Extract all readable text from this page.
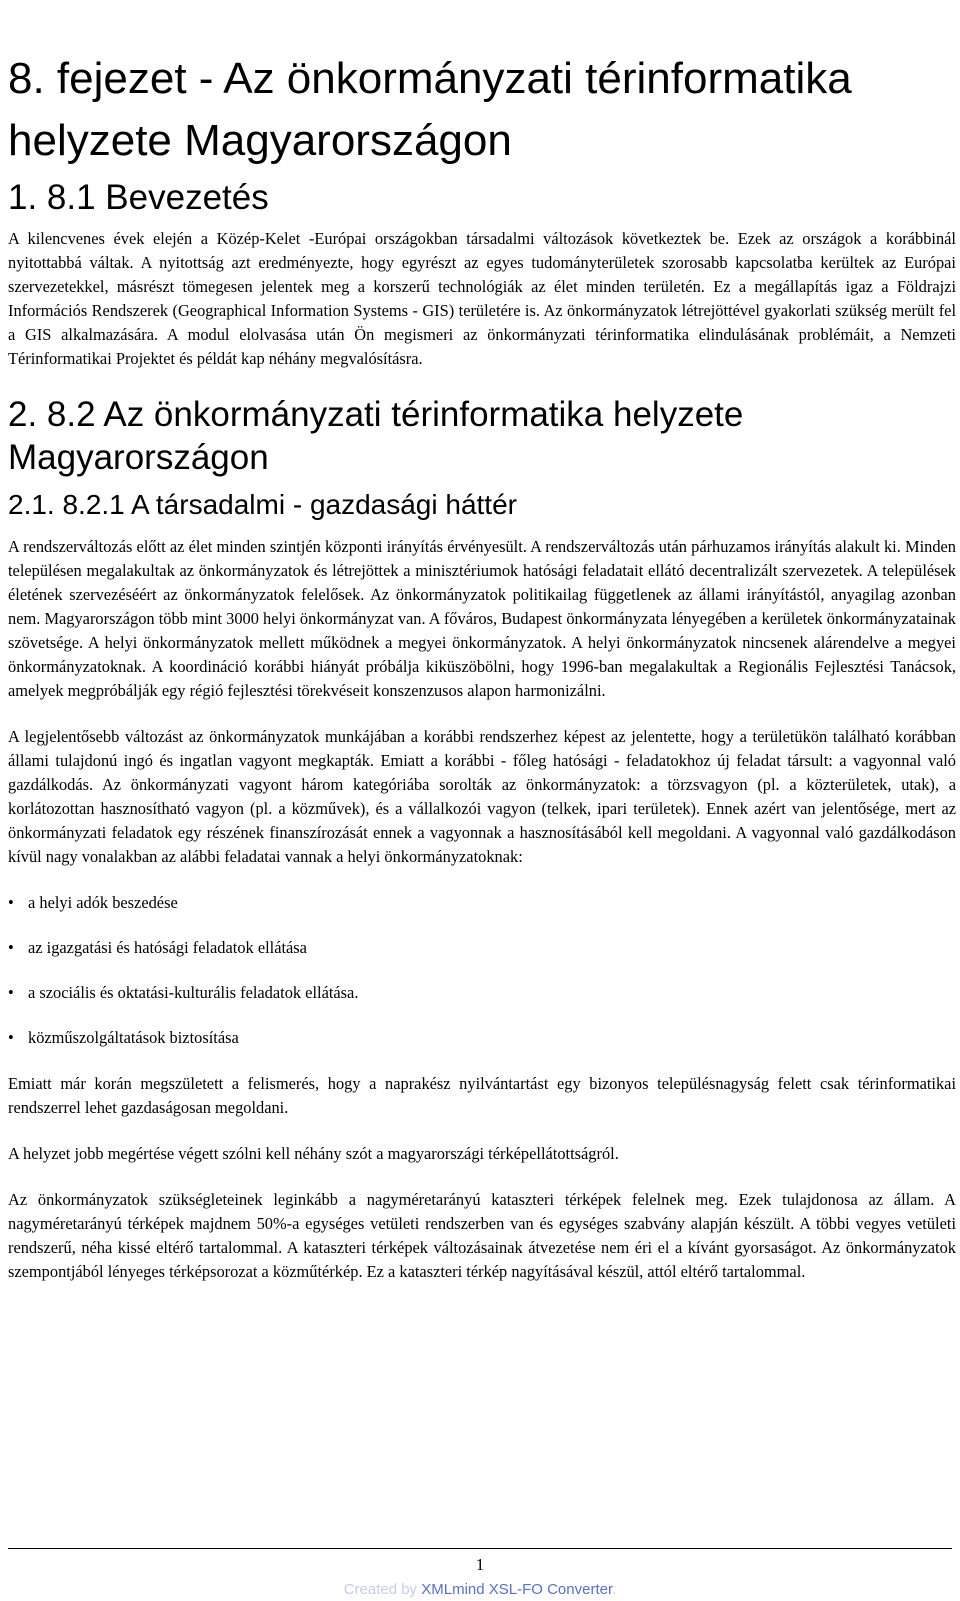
8. fejezet - Az önkormányzati térinformatika helyzete Magyarországon
1. 8.1 Bevezetés

A kilencvenes évek elején a Közép-Kelet -Európai országokban társadalmi változások következtek be. Ezek az országok a korábbinál nyitottabbá váltak. A nyitottság azt eredményezte, hogy egyrészt az egyes tudományterületek szorosabb kapcsolatba kerültek az Európai szervezetekkel, másrészt tömegesen jelentek meg a korszerű technológiák az élet minden területén. Ez a megállapítás igaz a Földrajzi Információs Rendszerek (Geographical Information Systems - GIS) területére is. Az önkormányzatok létrejöttével gyakorlati szükség merült fel a GIS alkalmazására. A modul elolvasása után Ön megismeri az önkormányzati térinformatika elindulásának problémáit, a Nemzeti Térinformatikai Projektet és példát kap néhány megvalósításra.

2. 8.2 Az önkormányzati térinformatika helyzete Magyarországon
2.1. 8.2.1 A társadalmi - gazdasági háttér

A rendszerváltozás előtt az élet minden szintjén központi irányítás érvényesült. A rendszerváltozás után párhuzamos irányítás alakult ki. Minden településen megalakultak az önkormányzatok és létrejöttek a minisztériumok hatósági feladatait ellátó decentralizált szervezetek. A települések életének szervezéséért az önkormányzatok felelősek. Az önkormányzatok politikailag függetlenek az állami irányítástól, anyagilag azonban nem. Magyarországon több mint 3000 helyi önkormányzat van. A főváros, Budapest önkormányzata lényegében a kerületek önkormányzatainak szövetsége. A helyi önkormányzatok mellett működnek a megyei önkormányzatok. A helyi önkormányzatok nincsenek alárendelve a megyei önkormányzatoknak. A koordináció korábbi hiányát próbálja kiküszöbölni, hogy 1996-ban megalakultak a Regionális Fejlesztési Tanácsok, amelyek megpróbálják egy régió fejlesztési törekvéseit konszenzusos alapon harmonizálni.

A legjelentősebb változást az önkormányzatok munkájában a korábbi rendszerhez képest az jelentette, hogy a területükön található korábban állami tulajdonú ingó és ingatlan vagyont megkapták. Emiatt a korábbi - főleg hatósági - feladatokhoz új feladat társult: a vagyonnal való gazdálkodás. Az önkormányzati vagyont három kategóriába sorolták az önkormányzatok: a törzsvagyon (pl. a közterületek, utak), a korlátozottan hasznosítható vagyon (pl. a közművek), és a vállalkozói vagyon (telkek, ipari területek). Ennek azért van jelentősége, mert az önkormányzati feladatok egy részének finanszírozását ennek a vagyonnak a hasznosításából kell megoldani. A vagyonnal való gazdálkodáson kívül nagy vonalakban az alábbi feladatai vannak a helyi önkormányzatoknak:

• a helyi adók beszedése
• az igazgatási és hatósági feladatok ellátása
• a szociális és oktatási-kulturális feladatok ellátása.
• közműszolgáltatások biztosítása

Emiatt már korán megszületett a felismerés, hogy a naprakész nyilvántartást egy bizonyos településnagyság felett csak térinformatikai rendszerrel lehet gazdaságosan megoldani.

A helyzet jobb megértése végett szólni kell néhány szót a magyarországi térképellátottságról.

Az önkormányzatok szükségleteinek leginkább a nagyméretarányú kataszteri térképek felelnek meg. Ezek tulajdonosa az állam. A nagyméretarányú térképek majdnem 50%-a egységes vetületi rendszerben van és egységes szabvány alapján készült. A többi vegyes vetületi rendszerű, néha kissé eltérő tartalommal. A kataszteri térképek változásainak átvezetése nem éri el a kívánt gyorsaságot. Az önkormányzatok szempontjából lényeges térképsorozat a közműtérkép. Ez a kataszteri térkép nagyításával készül, attól eltérő tartalommal.

1
Created by XMLmind XSL-FO Converter.
